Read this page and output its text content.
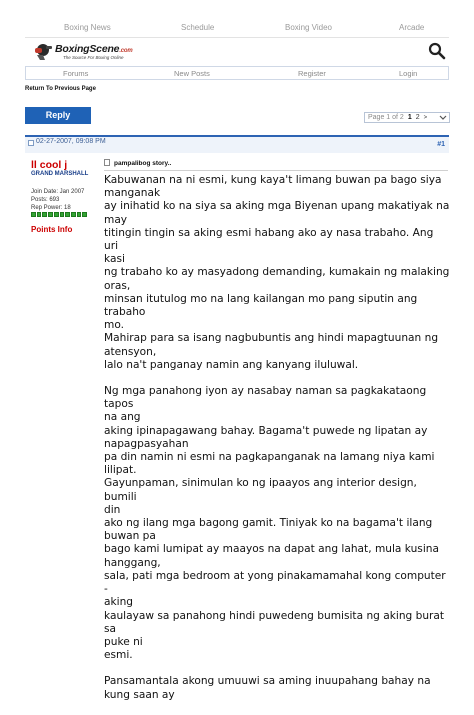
Boxing News	Schedule	Boxing Video	Arcade
BoxingScene.com
The Source For Boxing Online
Forums	New Posts	Register	Login
Return To Previous Page
Reply	Page 1 of 2 1 2 >
02-27-2007, 09:08 PM	#1
ll cool j
GRAND MARSHALL
Join Date: Jan 2007
Posts: 693
Rep Power: 18
Points Info
pampalibog story..

Kabuwanan na ni esmi, kung kaya't limang buwan pa bago siya
manganak
ay inihatid ko na siya sa aking mga Biyenan upang makatiyak na
may
titingin tingin sa aking esmi habang ako ay nasa trabaho. Ang uri
kasi
ng trabaho ko ay masyadong demanding, kumakain ng malaking
oras,
minsan itutulog mo na lang kailangan mo pang siputin ang trabaho
mo.
Mahirap para sa isang nagbubuntis ang hindi mapagtuunan ng
atensyon,
lalo na't panganay namin ang kanyang iluluwal.

Ng mga panahong iyon ay nasabay naman sa pagkakatao​ng tapos
na ang
aking ipinapagawang bahay. Bagama't puwede ng lipatan ay
napagpasyahan
pa din namin ni esmi na pagkapanganak na lamang niya kami
lilipat.
Gayunpaman, sinimulan ko ng ipaayos ang interior design, bumili
din
ako ng ilang mga bagong gamit. Tiniyak ko na bagama't ilang
buwan pa
bago kami lumipat ay maayos na dapat ang lahat, mula kusina
hanggang,
sala, pati mga bedroom at yong pinakamamahal kong computer -
aking
kaulayaw sa panahong hindi puwedeng bumisita ng aking burat sa
puke ni
esmi.

Pansamantala akong umuuwi sa aming inuupahang bahay na
kung saan ay
